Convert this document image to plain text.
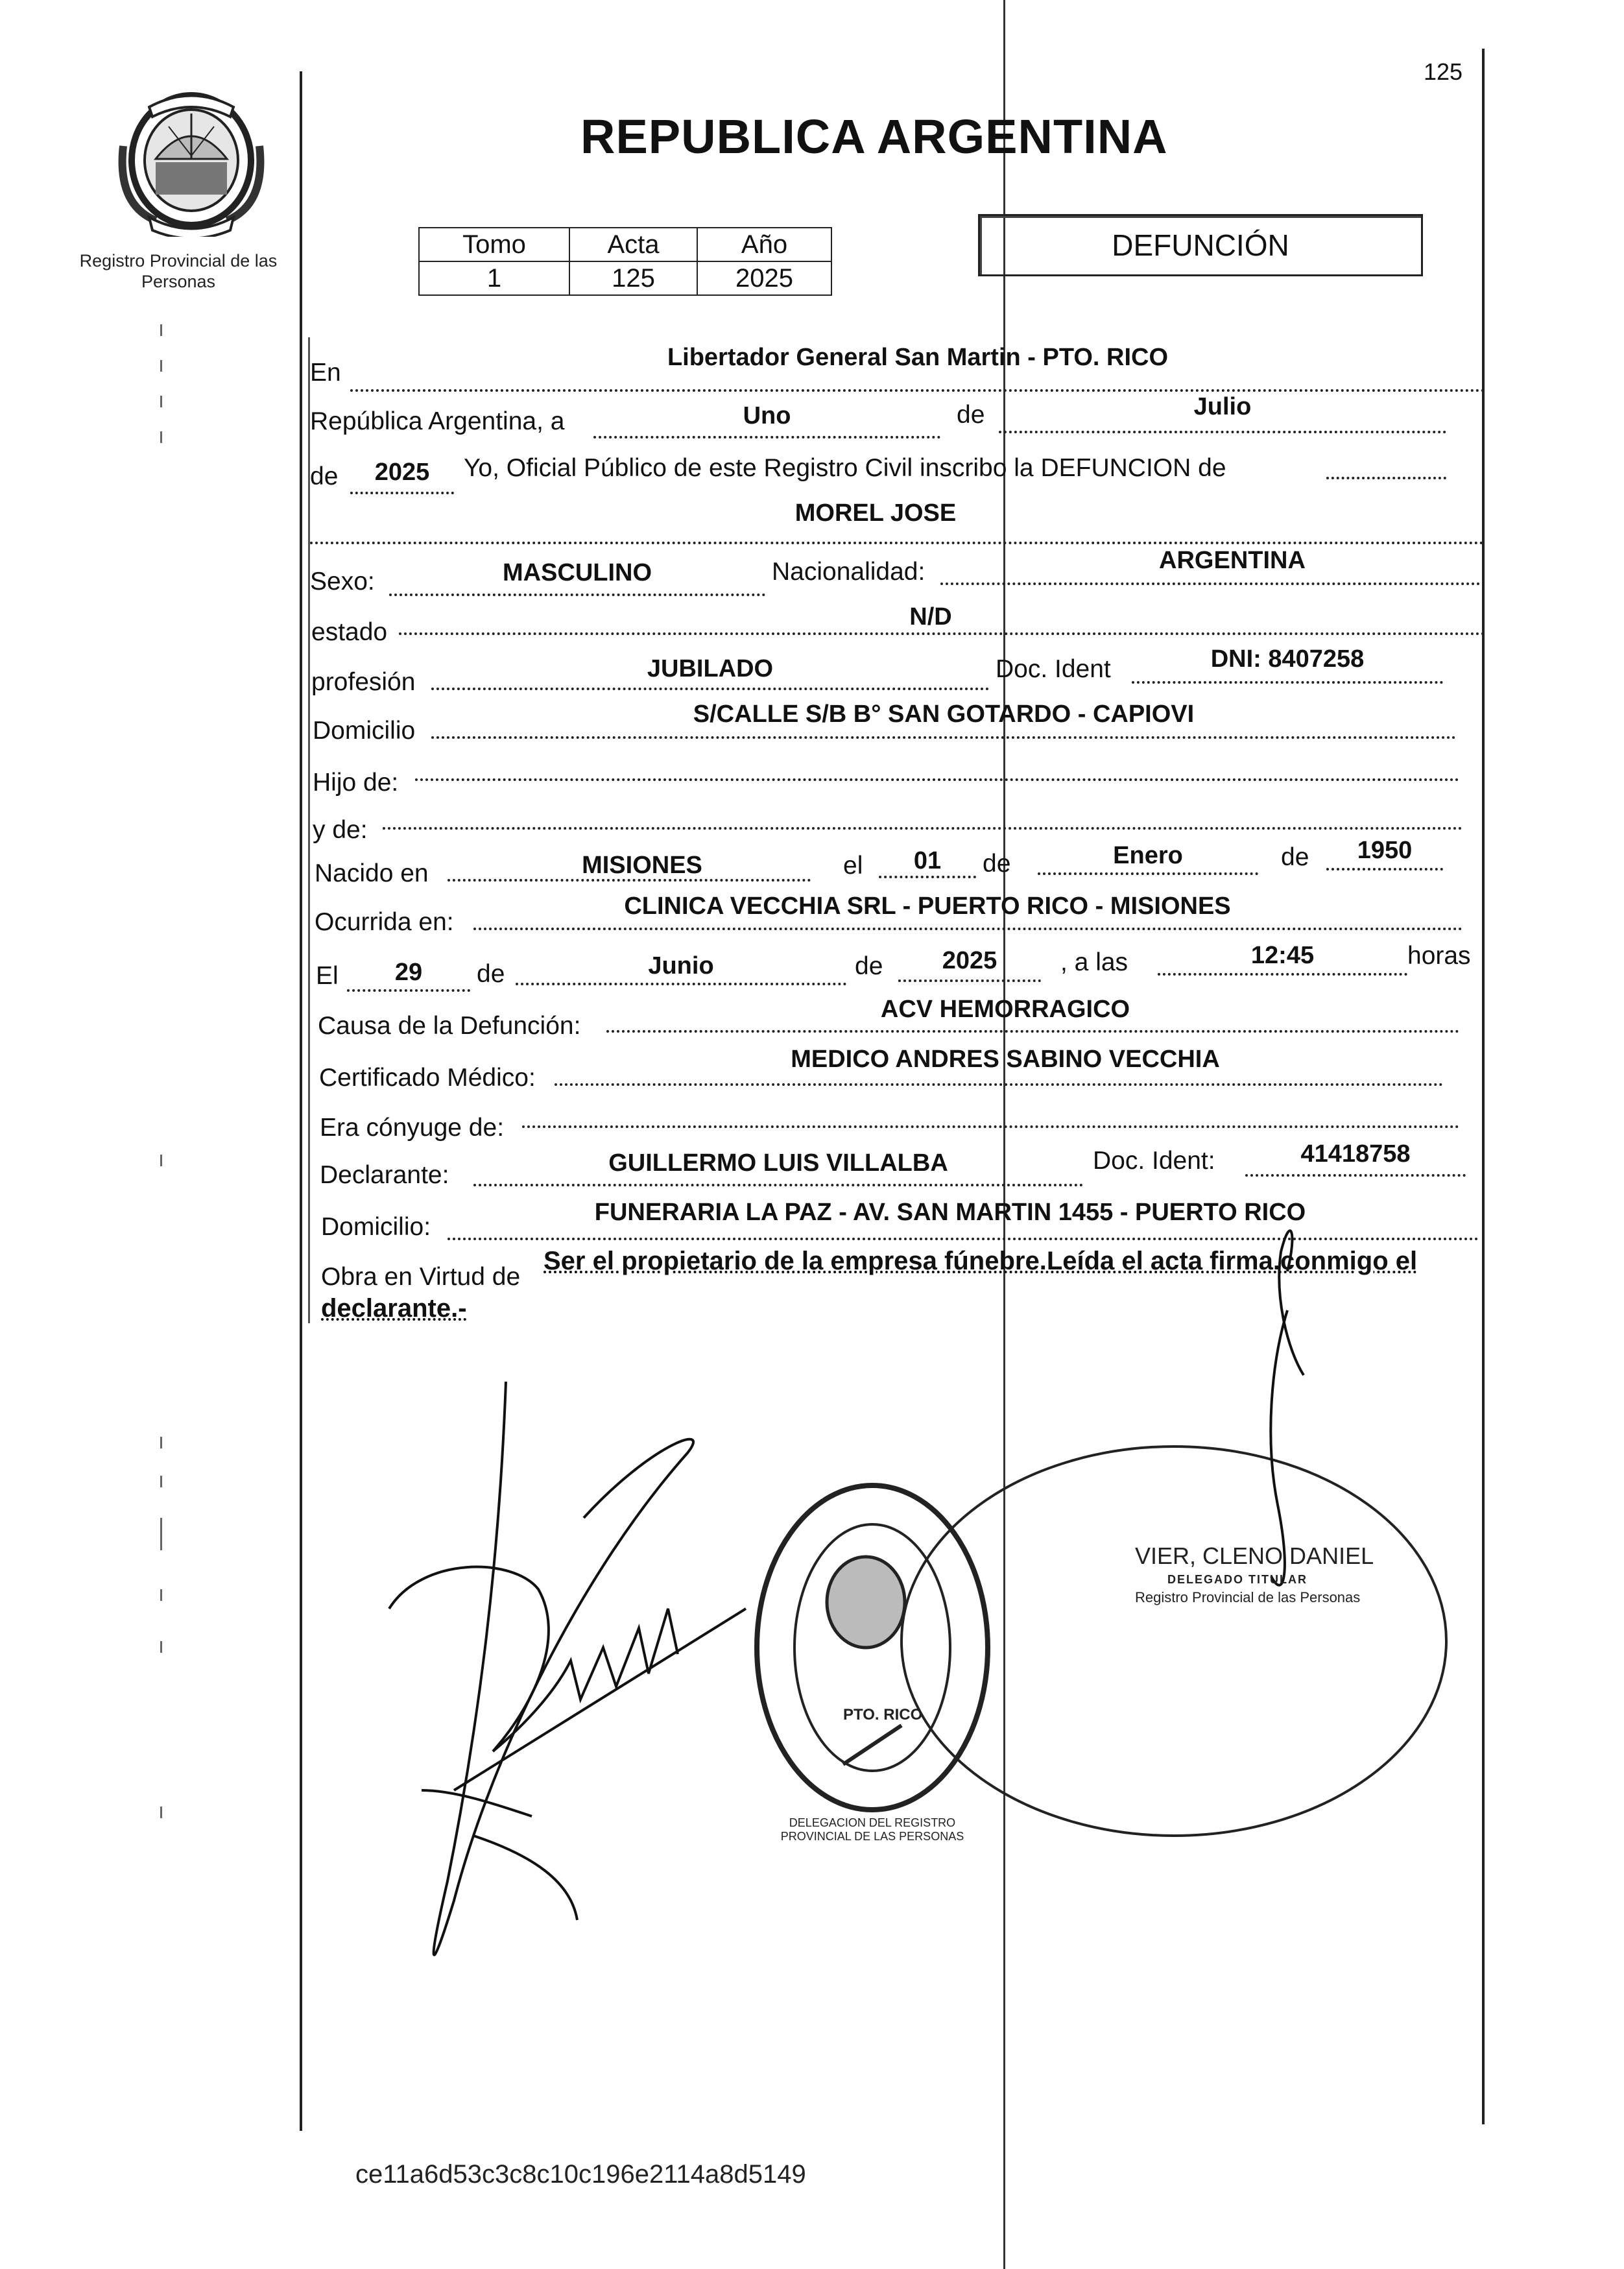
Registro Provincial de las Personas
125
REPUBLICA ARGENTINA
Tomo	Acta	Año
1	125	2025
DEFUNCIÓN
En
Libertador General San Martin - PTO. RICO
República Argentina, a	Uno	de	Julio
de	2025	Yo, Oficial Público de este Registro Civil inscribo la DEFUNCION de
MOREL JOSE
Sexo:	MASCULINO	Nacionalidad:	ARGENTINA
estado
N/D
profesión	JUBILADO	Doc. Ident	DNI: 8407258
Domicilio
S/CALLE S/B B° SAN GOTARDO - CAPIOVI
Hijo de:
y de:
Nacido en	MISIONES	el	01	de	Enero	de	1950
Ocurrida en:
CLINICA VECCHIA SRL - PUERTO RICO - MISIONES
El	29	de	Junio	de	2025	, a las	12:45	horas
Causa de la Defunción:
ACV HEMORRAGICO
Certificado Médico:
MEDICO ANDRES SABINO VECCHIA
Era cónyuge de:
Declarante:	GUILLERMO LUIS VILLALBA	Doc. Ident:	41418758
Domicilio:
FUNERARIA LA PAZ - AV. SAN MARTIN 1455 - PUERTO RICO
Obra en Virtud de
Ser el propietario de la empresa fúnebre.Leída el acta firma.conmigo el
declarante.-
VIER, CLENO DANIEL
DELEGADO TITULAR
Registro Provincial de las Personas
DELEGACION DEL REGISTRO PROVINCIAL DE LAS PERSONAS
PTO. RICO
ce11a6d53c3c8c10c196e2114a8d5149
